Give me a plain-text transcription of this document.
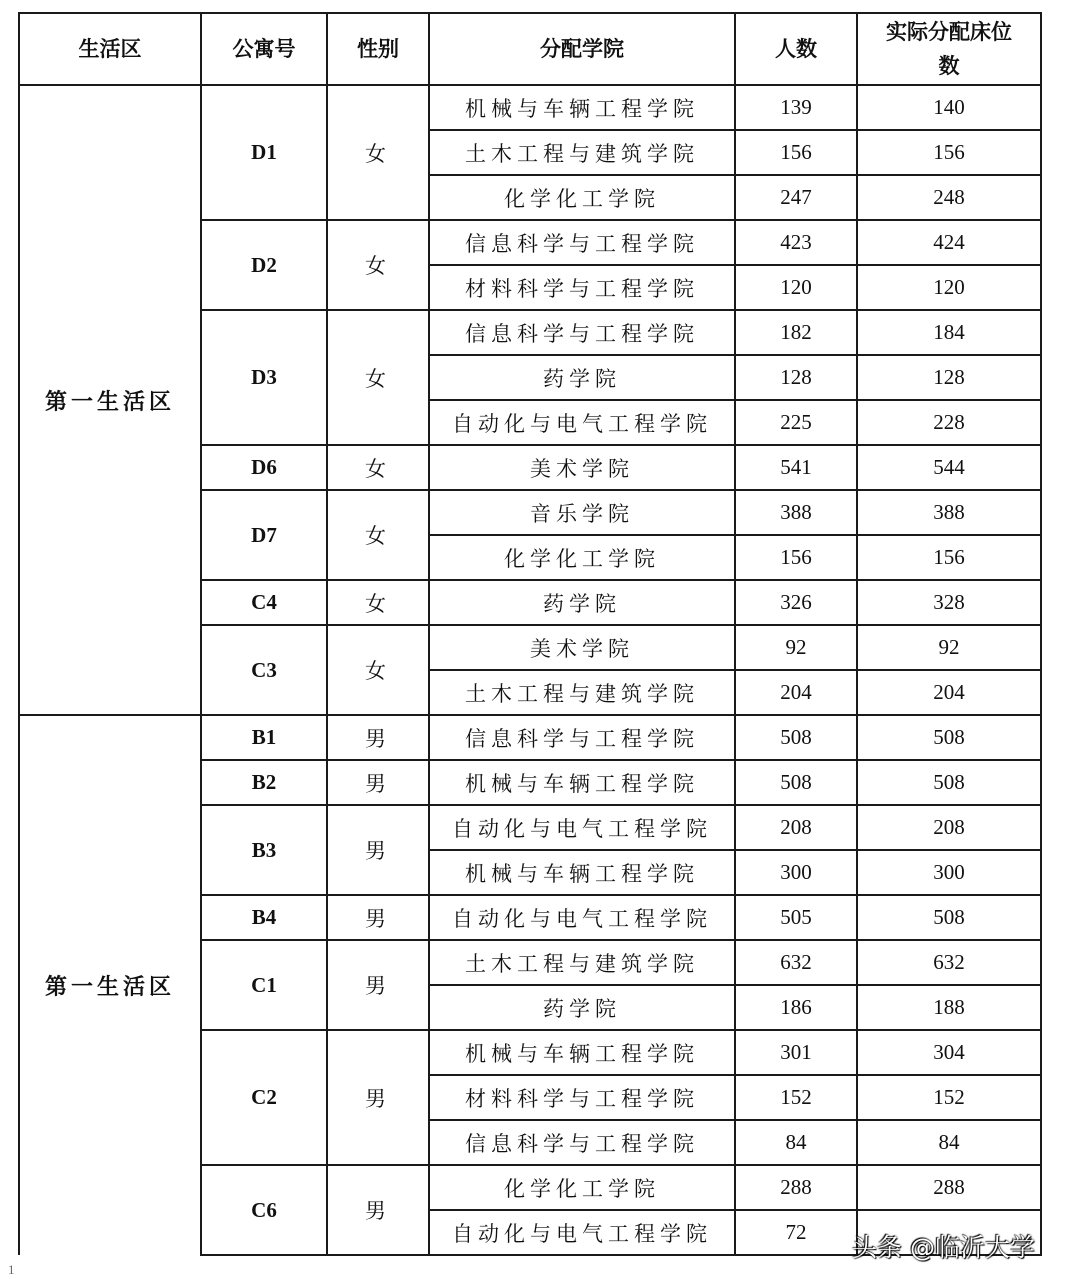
生活区	公寓号	性别	分配学院	人数	实际分配床位数
第一生活区	D1	女	机械与车辆工程学院	139	140
			土木工程与建筑学院	156	156
			化学化工学院	247	248
	D2	女	信息科学与工程学院	423	424
			材料科学与工程学院	120	120
	D3	女	信息科学与工程学院	182	184
			药学院	128	128
			自动化与电气工程学院	225	228
	D6	女	美术学院	541	544
	D7	女	音乐学院	388	388
			化学化工学院	156	156
	C4	女	药学院	326	328
	C3	女	美术学院	92	92
			土木工程与建筑学院	204	204
第一生活区	B1	男	信息科学与工程学院	508	508
	B2	男	机械与车辆工程学院	508	508
	B3	男	自动化与电气工程学院	208	208
			机械与车辆工程学院	300	300
	B4	男	自动化与电气工程学院	505	508
	C1	男	土木工程与建筑学院	632	632
			药学院	186	188
	C2	男	机械与车辆工程学院	301	304
			材料科学与工程学院	152	152
			信息科学与工程学院	84	84
	C6	男	化学化工学院	288	288
			自动化与电气工程学院	72	
头条 @临沂大学
1
